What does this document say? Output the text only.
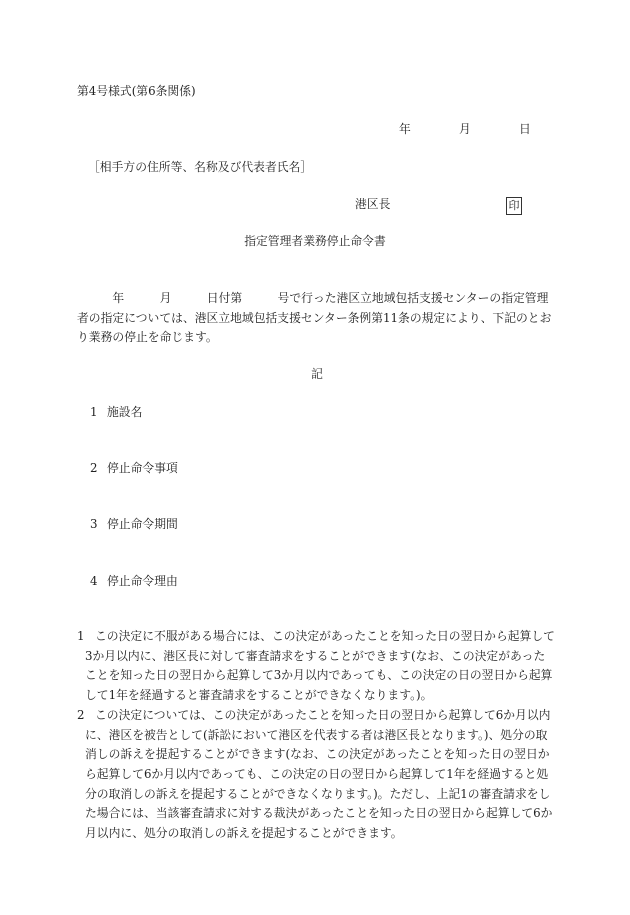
第4号様式(第6条関係)
年	月	日
［相手方の住所等、名称及び代表者氏名］
港区長	印
指定管理者業務停止命令書
　　　年　　　月　　　日付第　　　号で行った港区立地域包括支援センターの指定管理者の指定については、港区立地域包括支援センター条例第11条の規定により、下記のとおり業務の停止を命じます。
記
1 施設名
2 停止命令事項
3 停止命令期間
4 停止命令理由
1 この決定に不服がある場合には、この決定があったことを知った日の翌日から起算して3か月以内に、港区長に対して審査請求をすることができます(なお、この決定があったことを知った日の翌日から起算して3か月以内であっても、この決定の日の翌日から起算して1年を経過すると審査請求をすることができなくなります。)。
2 この決定については、この決定があったことを知った日の翌日から起算して6か月以内に、港区を被告として(訴訟において港区を代表する者は港区長となります。)、処分の取消しの訴えを提起することができます(なお、この決定があったことを知った日の翌日から起算して6か月以内であっても、この決定の日の翌日から起算して1年を経過すると処分の取消しの訴えを提起することができなくなります。)。ただし、上記1の審査請求をした場合には、当該審査請求に対する裁決があったことを知った日の翌日から起算して6か月以内に、処分の取消しの訴えを提起することができます。
